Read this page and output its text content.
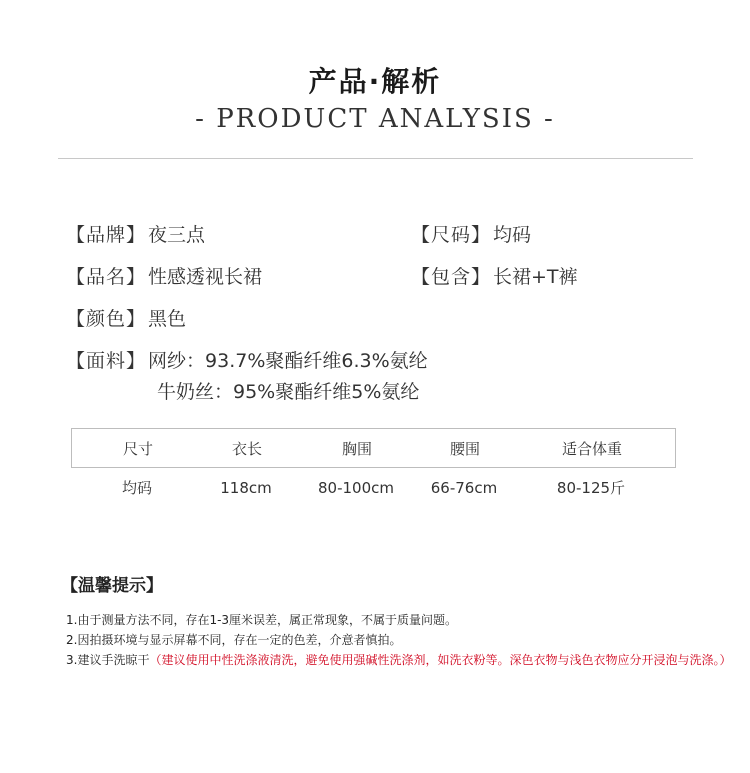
产品·解析
- PRODUCT ANALYSIS -
【品牌】 夜三点	【尺码】 均码
【品名】 性感透视长裙	【包含】 长裙+T裤
【颜色】 黑色
【面料】 网纱：93.7%聚酯纤维6.3%氨纶
牛奶丝：95%聚酯纤维5%氨纶
尺寸	衣长	胸围	腰围	适合体重
均码	118cm	80-100cm	66-76cm	80-125斤
【温馨提示】
1.由于测量方法不同，存在1-3厘米误差，属正常现象，不属于质量问题。
2.因拍摄环境与显示屏幕不同，存在一定的色差，介意者慎拍。
3.建议手洗晾干（建议使用中性洗涤液清洗，避免使用强碱性洗涤剂，如洗衣粉等。深色衣物与浅色衣物应分开浸泡与洗涤。）
